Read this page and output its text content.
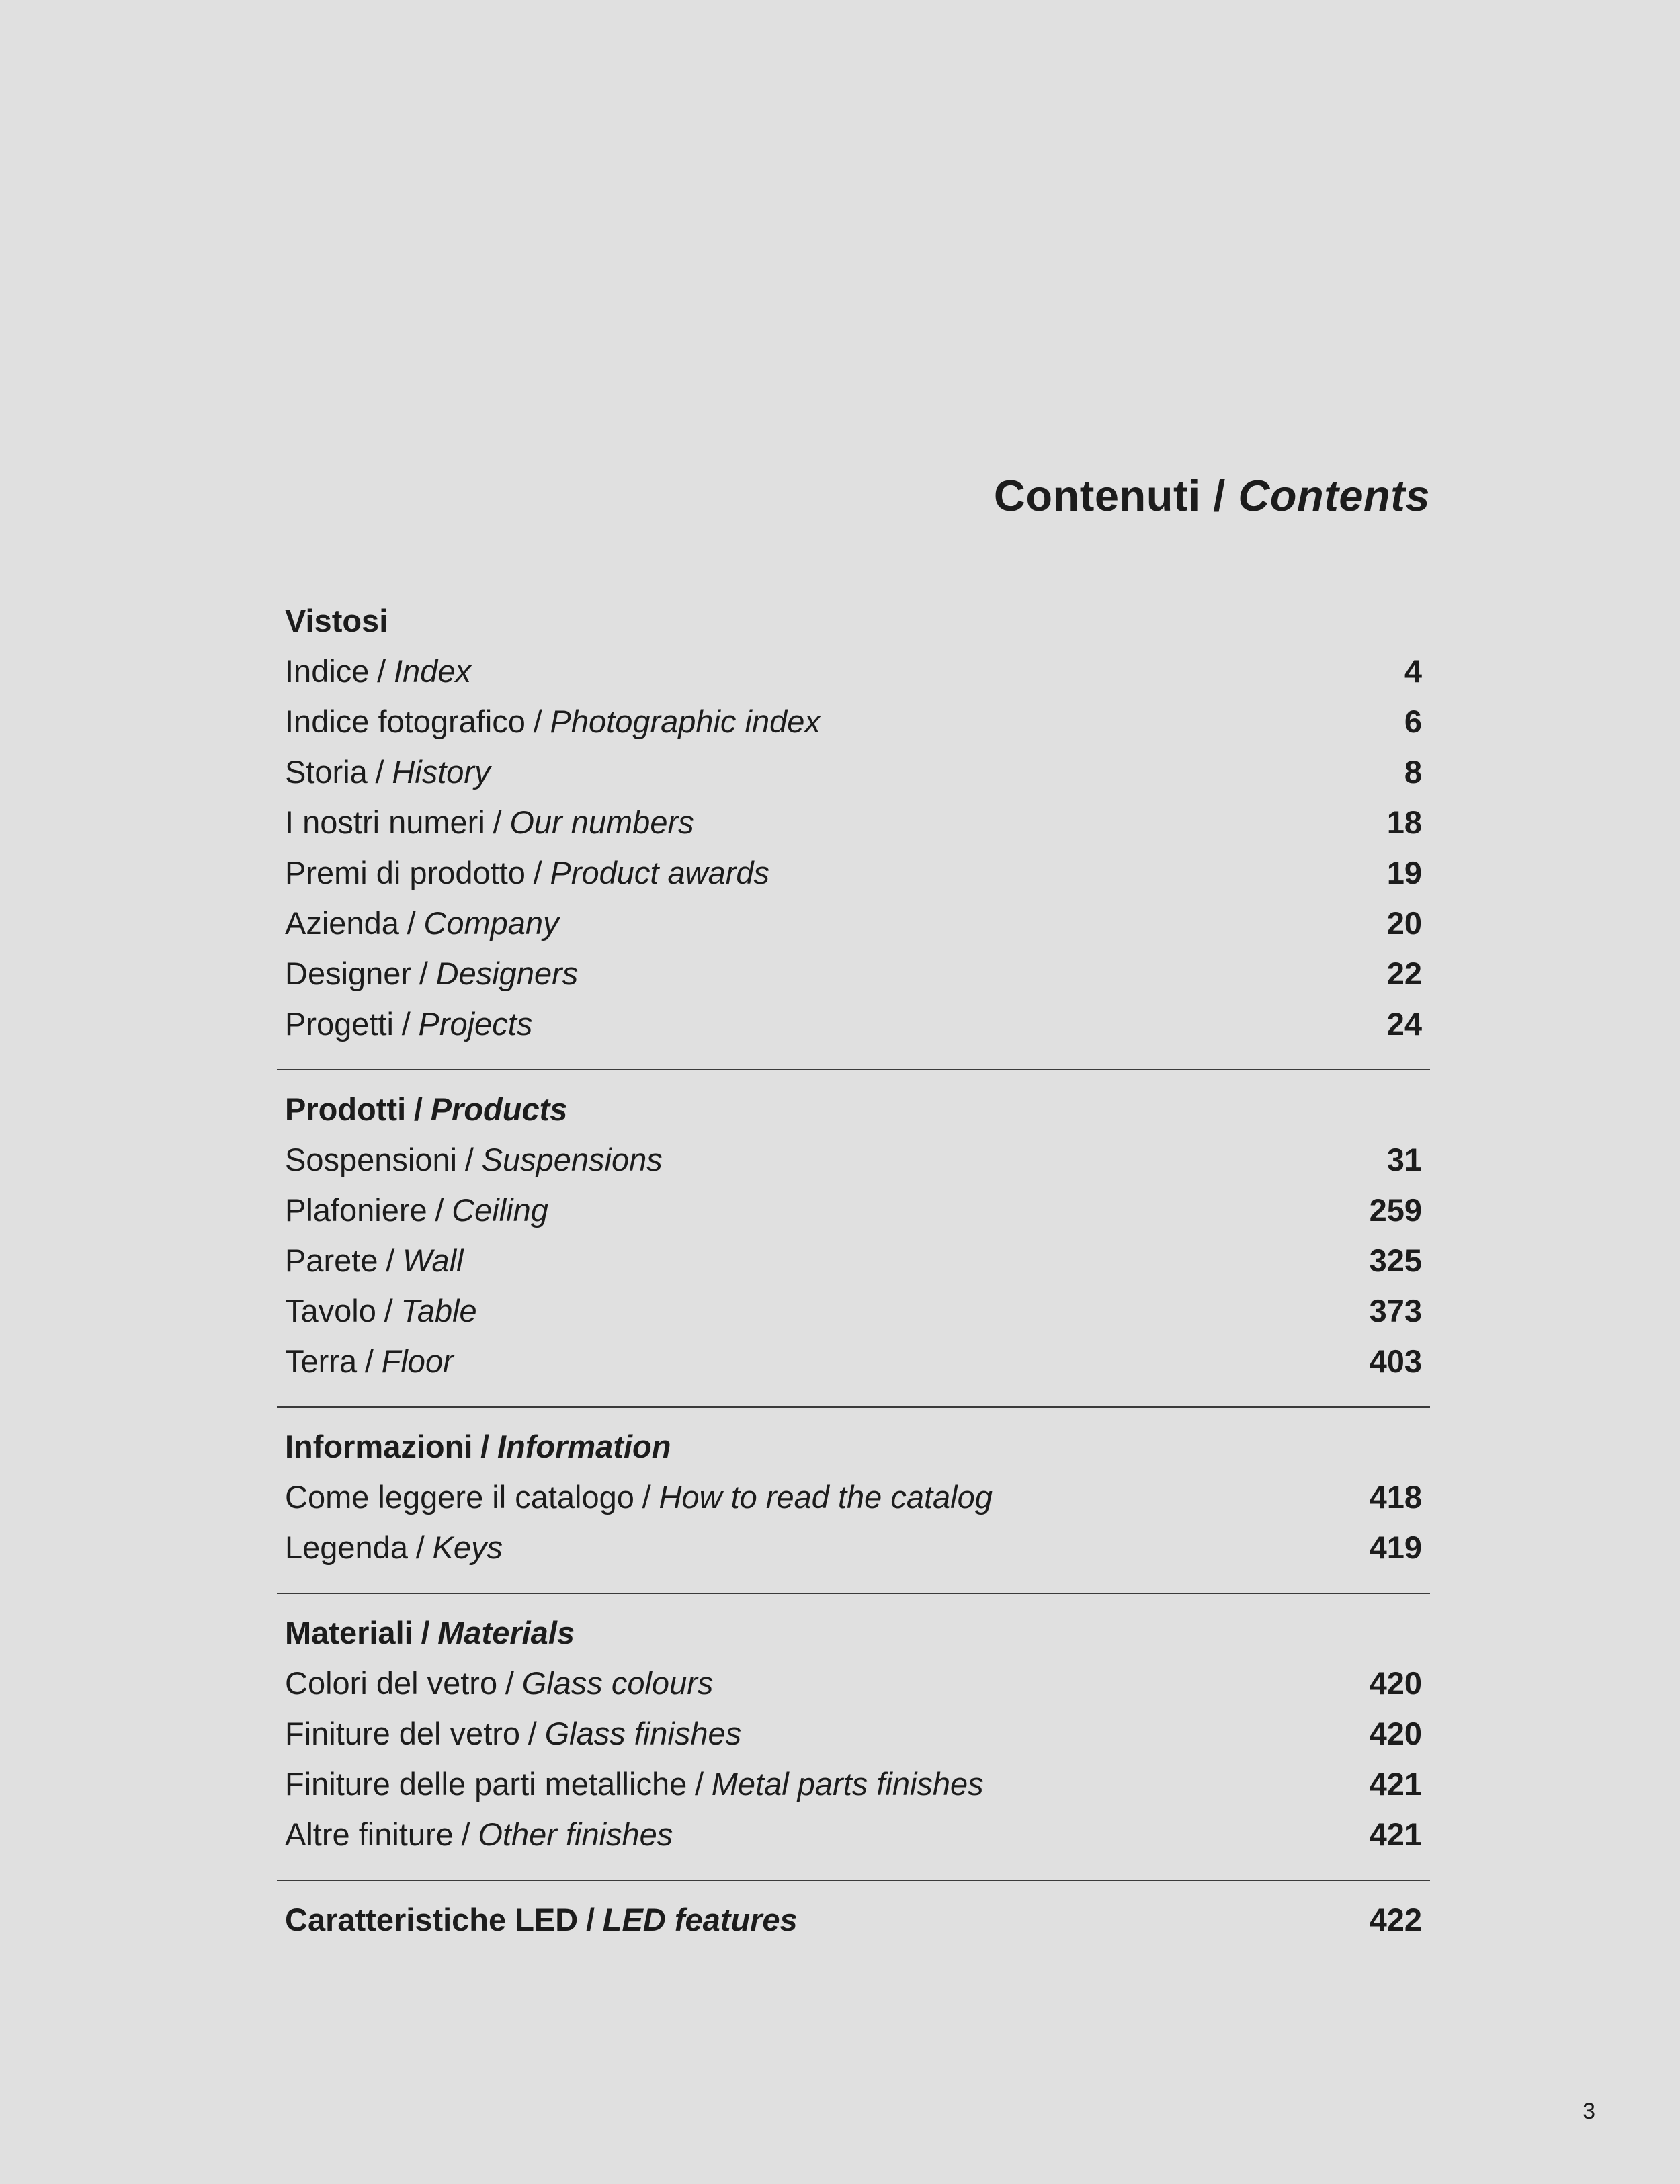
Contenuti / Contents
Vistosi
Indice / Index	4
Indice fotografico / Photographic index	6
Storia / History	8
I nostri numeri / Our numbers	18
Premi di prodotto / Product awards	19
Azienda / Company	20
Designer / Designers	22
Progetti / Projects	24
Prodotti / Products
Sospensioni / Suspensions	31
Plafoniere / Ceiling	259
Parete / Wall	325
Tavolo / Table	373
Terra / Floor	403
Informazioni / Information
Come leggere il catalogo / How to read the catalog	418
Legenda / Keys	419
Materiali / Materials
Colori del vetro / Glass colours	420
Finiture del vetro / Glass finishes	420
Finiture delle parti metalliche / Metal parts finishes	421
Altre finiture / Other finishes	421
Caratteristiche LED / LED features	422
3
